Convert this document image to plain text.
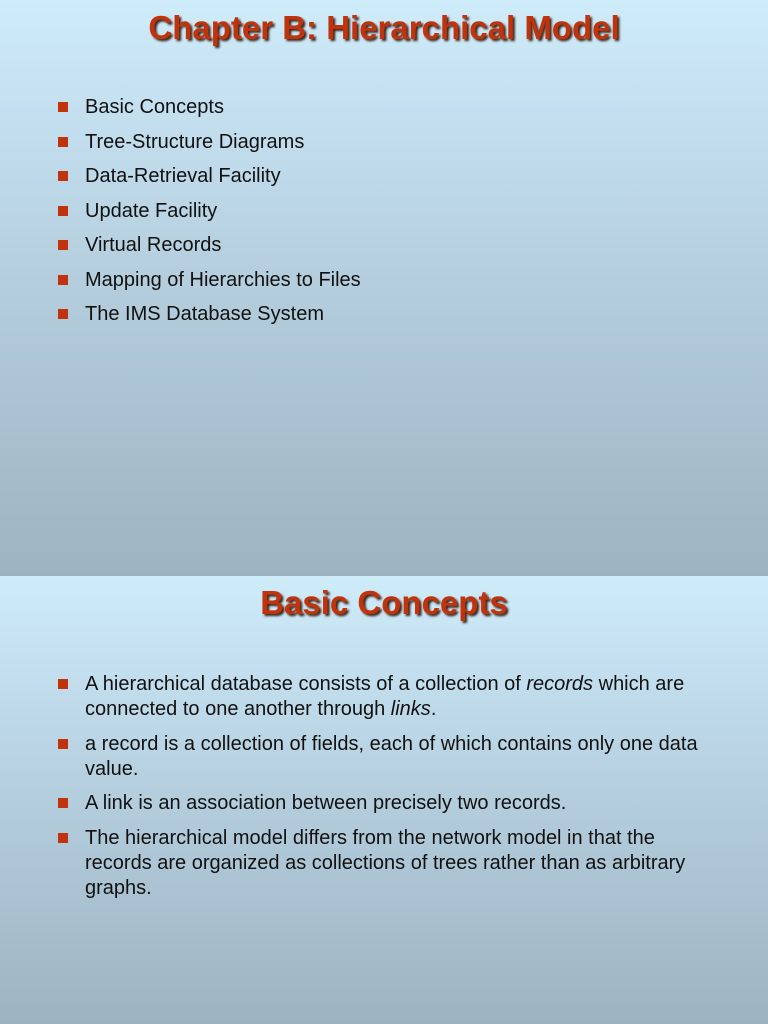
Chapter B: Hierarchical Model
Basic Concepts
Tree-Structure Diagrams
Data-Retrieval Facility
Update Facility
Virtual Records
Mapping of Hierarchies to Files
The IMS Database System
Basic Concepts
A hierarchical database consists of a collection of records which are connected to one another through links.
a record is a collection of fields, each of which contains only one data value.
A link is an association between precisely two records.
The hierarchical model differs from the network model in that the records are organized as collections of trees rather than as arbitrary graphs.
